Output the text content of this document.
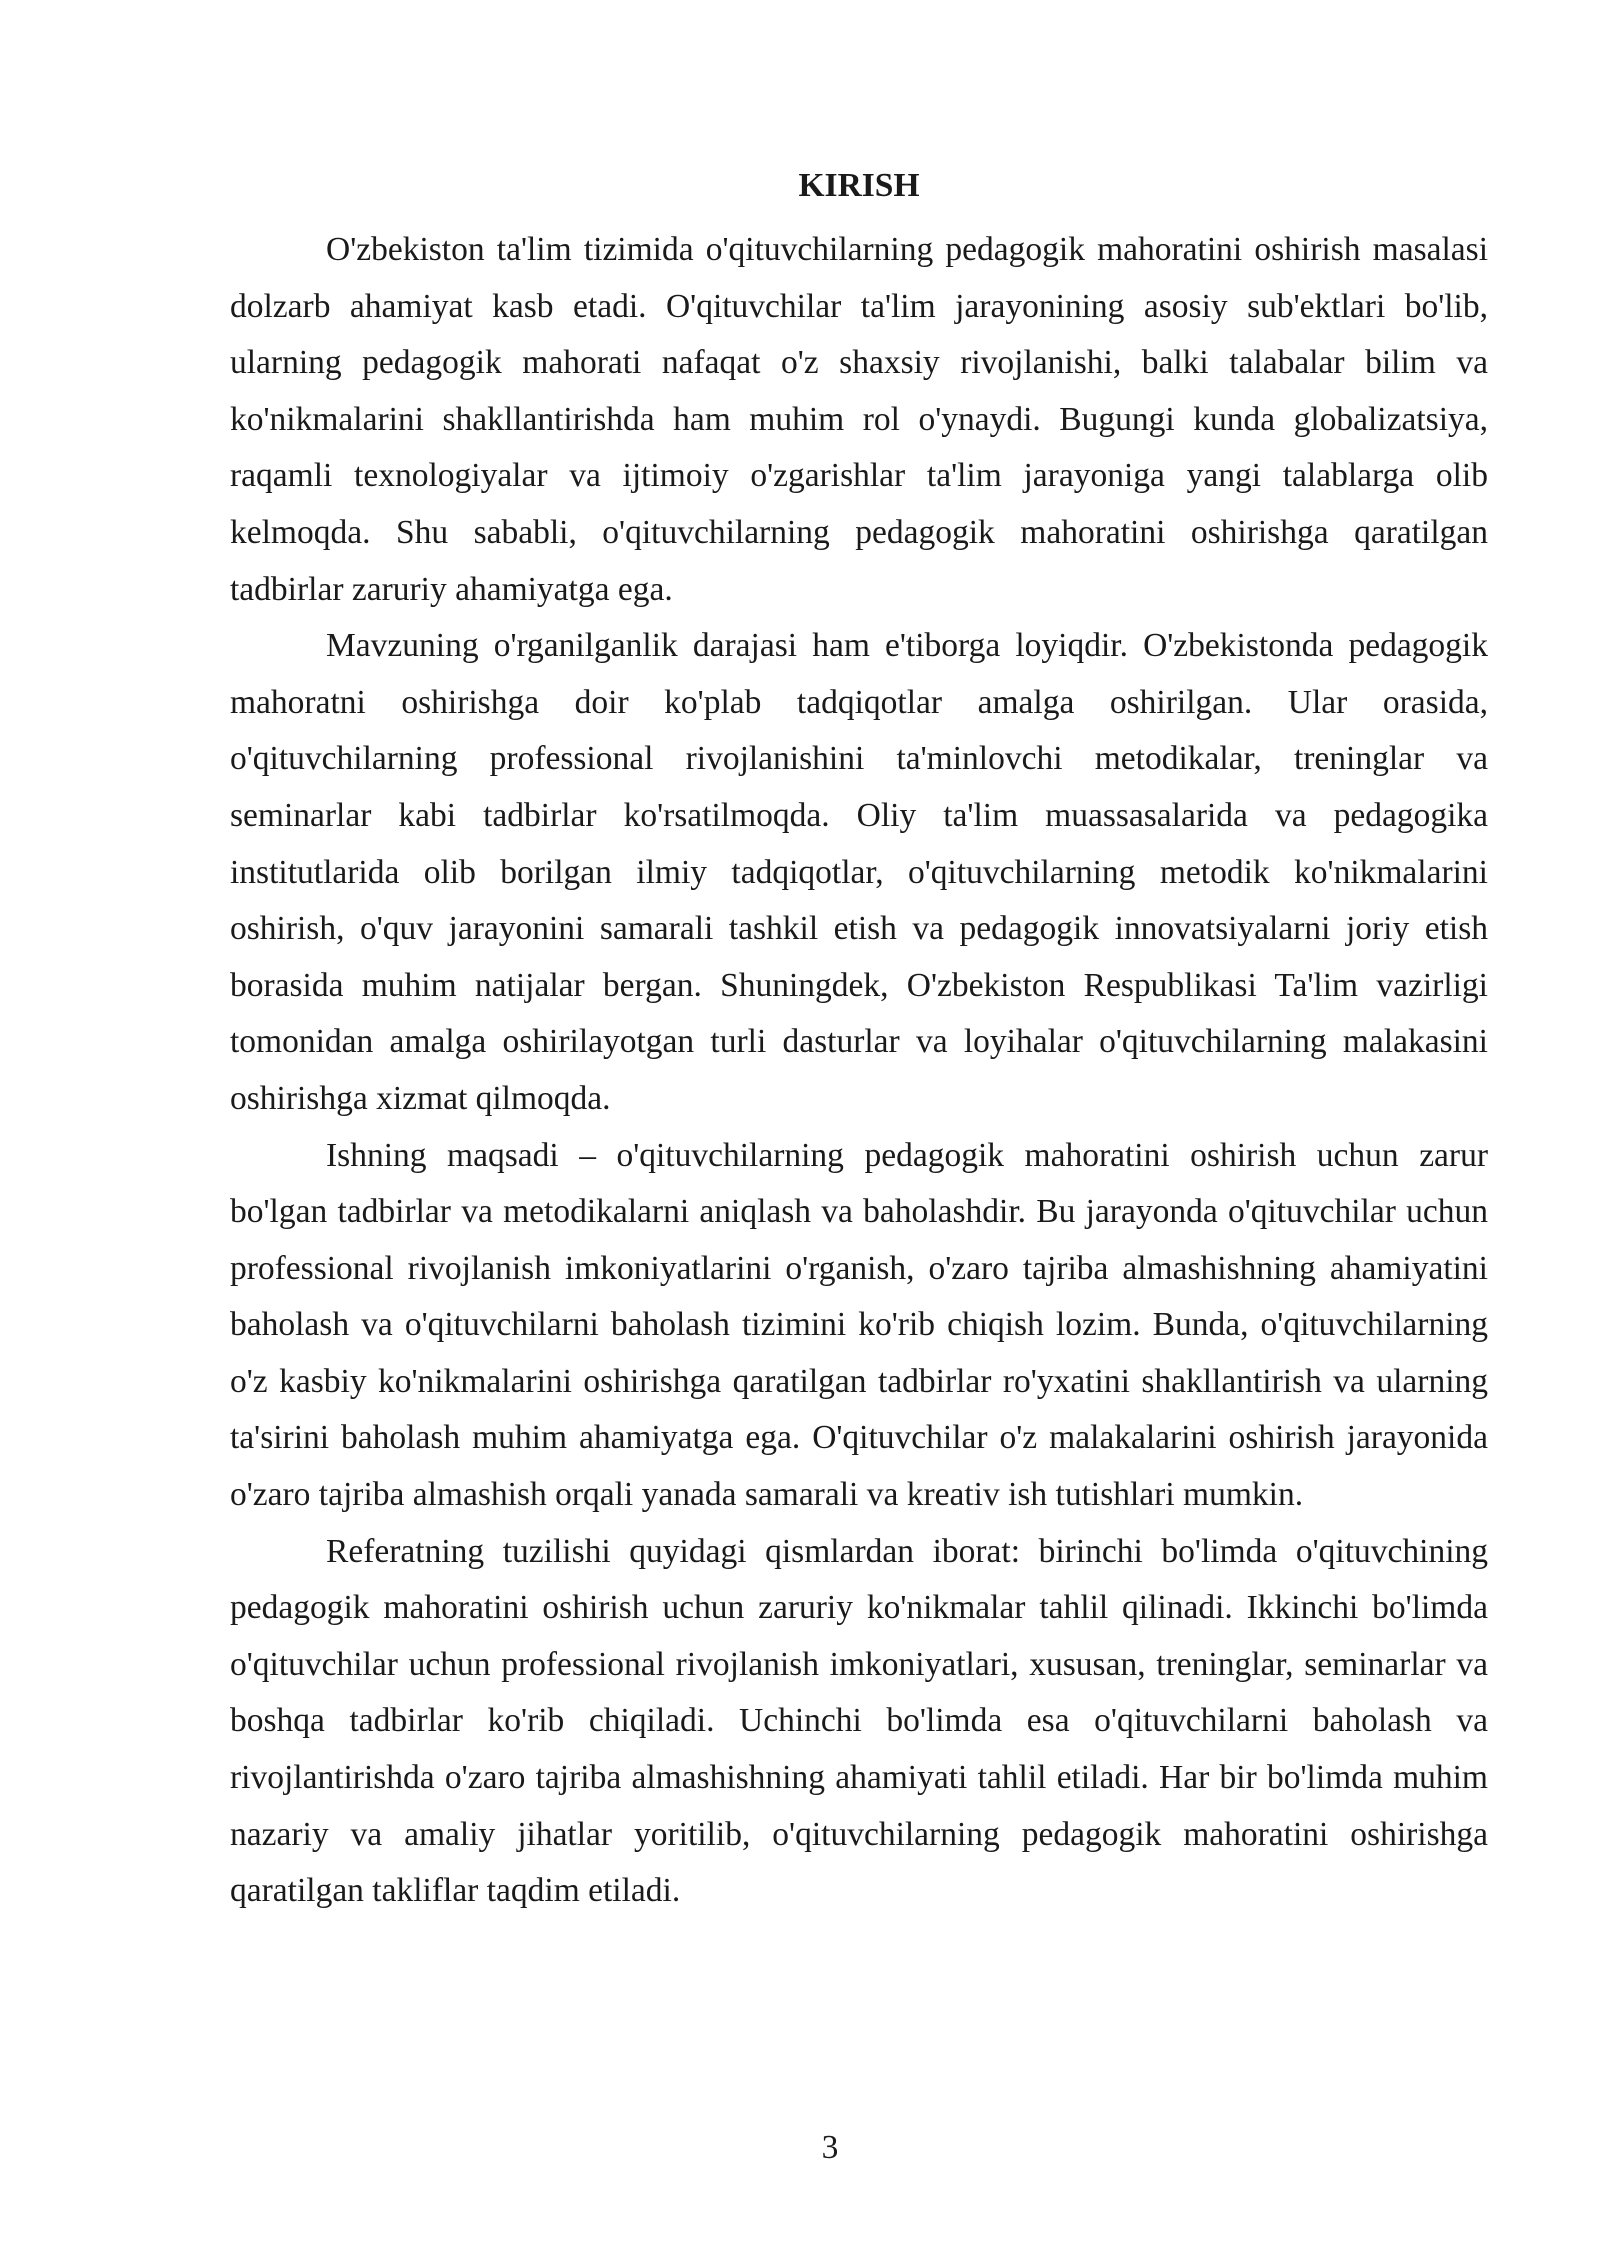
KIRISH

O'zbekiston ta'lim tizimida o'qituvchilarning pedagogik mahoratini oshirish masalasi dolzarb ahamiyat kasb etadi. O'qituvchilar ta'lim jarayonining asosiy sub'ektlari bo'lib, ularning pedagogik mahorati nafaqat o'z shaxsiy rivojlanishi, balki talabalar bilim va ko'nikmalarini shakllantirishda ham muhim rol o'ynaydi. Bugungi kunda globalizatsiya, raqamli texnologiyalar va ijtimoiy o'zgarishlar ta'lim jarayoniga yangi talablarga olib kelmoqda. Shu sababli, o'qituvchilarning pedagogik mahoratini oshirishga qaratilgan tadbirlar zaruriy ahamiyatga ega.

Mavzuning o'rganilganlik darajasi ham e'tiborga loyiqdir. O'zbekistonda pedagogik mahoratni oshirishga doir ko'plab tadqiqotlar amalga oshirilgan. Ular orasida, o'qituvchilarning professional rivojlanishini ta'minlovchi metodikalar, treninglar va seminarlar kabi tadbirlar ko'rsatilmoqda. Oliy ta'lim muassasalarida va pedagogika institutlarida olib borilgan ilmiy tadqiqotlar, o'qituvchilarning metodik ko'nikmalarini oshirish, o'quv jarayonini samarali tashkil etish va pedagogik innovatsiyalarni joriy etish borasida muhim natijalar bergan. Shuningdek, O'zbekiston Respublikasi Ta'lim vazirligi tomonidan amalga oshirilayotgan turli dasturlar va loyihalar o'qituvchilarning malakasini oshirishga xizmat qilmoqda.

Ishning maqsadi – o'qituvchilarning pedagogik mahoratini oshirish uchun zarur bo'lgan tadbirlar va metodikalarni aniqlash va baholashdir. Bu jarayonda o'qituvchilar uchun professional rivojlanish imkoniyatlarini o'rganish, o'zaro tajriba almashishning ahamiyatini baholash va o'qituvchilarni baholash tizimini ko'rib chiqish lozim. Bunda, o'qituvchilarning o'z kasbiy ko'nikmalarini oshirishga qaratilgan tadbirlar ro'yxatini shakllantirish va ularning ta'sirini baholash muhim ahamiyatga ega. O'qituvchilar o'z malakalarini oshirish jarayonida o'zaro tajriba almashish orqali yanada samarali va kreativ ish tutishlari mumkin.

Referatning tuzilishi quyidagi qismlardan iborat: birinchi bo'limda o'qituvchining pedagogik mahoratini oshirish uchun zaruriy ko'nikmalar tahlil qilinadi. Ikkinchi bo'limda o'qituvchilar uchun professional rivojlanish imkoniyatlari, xususan, treninglar, seminarlar va boshqa tadbirlar ko'rib chiqiladi. Uchinchi bo'limda esa o'qituvchilarni baholash va rivojlantirishda o'zaro tajriba almashishning ahamiyati tahlil etiladi. Har bir bo'limda muhim nazariy va amaliy jihatlar yoritilib, o'qituvchilarning pedagogik mahoratini oshirishga qaratilgan takliflar taqdim etiladi.

3
